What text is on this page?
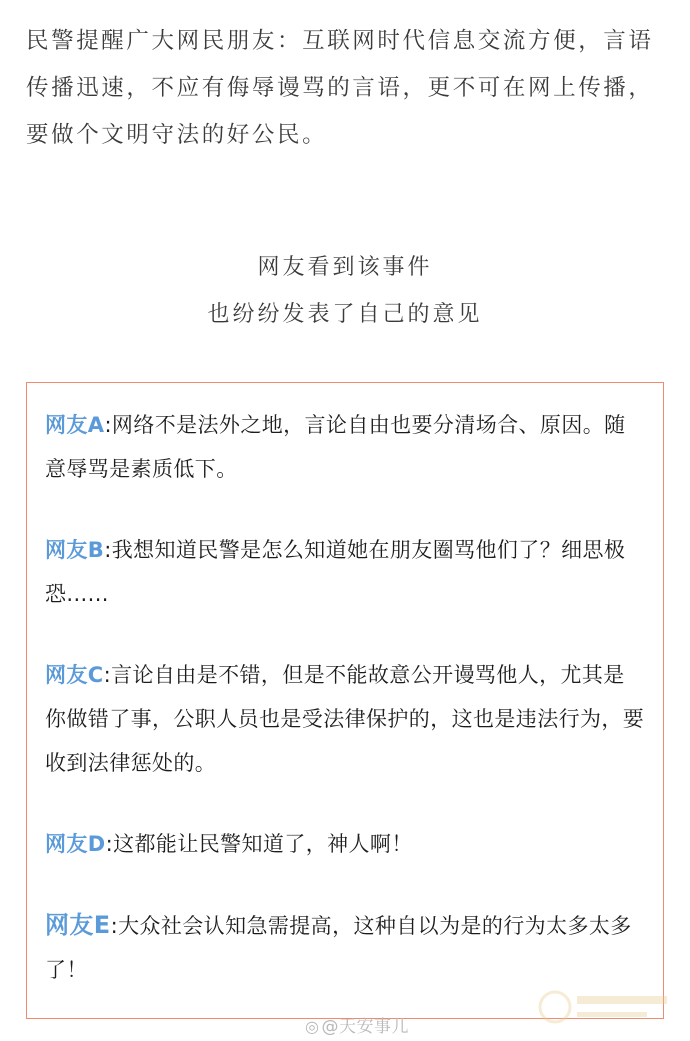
民警提醒广大网民朋友：互联网时代信息交流方便，言语传播迅速，不应有侮辱谩骂的言语，更不可在网上传播，要做个文明守法的好公民。
网友看到该事件
也纷纷发表了自己的意见

网友A:网络不是法外之地，言论自由也要分清场合、原因。随意辱骂是素质低下。

网友B:我想知道民警是怎么知道她在朋友圈骂他们了？细思极恐......

网友C:言论自由是不错，但是不能故意公开谩骂他人，尤其是你做错了事，公职人员也是受法律保护的，这也是违法行为，要收到法律惩处的。

网友D:这都能让民警知道了，神人啊！

网友E:大众社会认知急需提高，这种自以为是的行为太多太多了！

◎ @天安事儿
